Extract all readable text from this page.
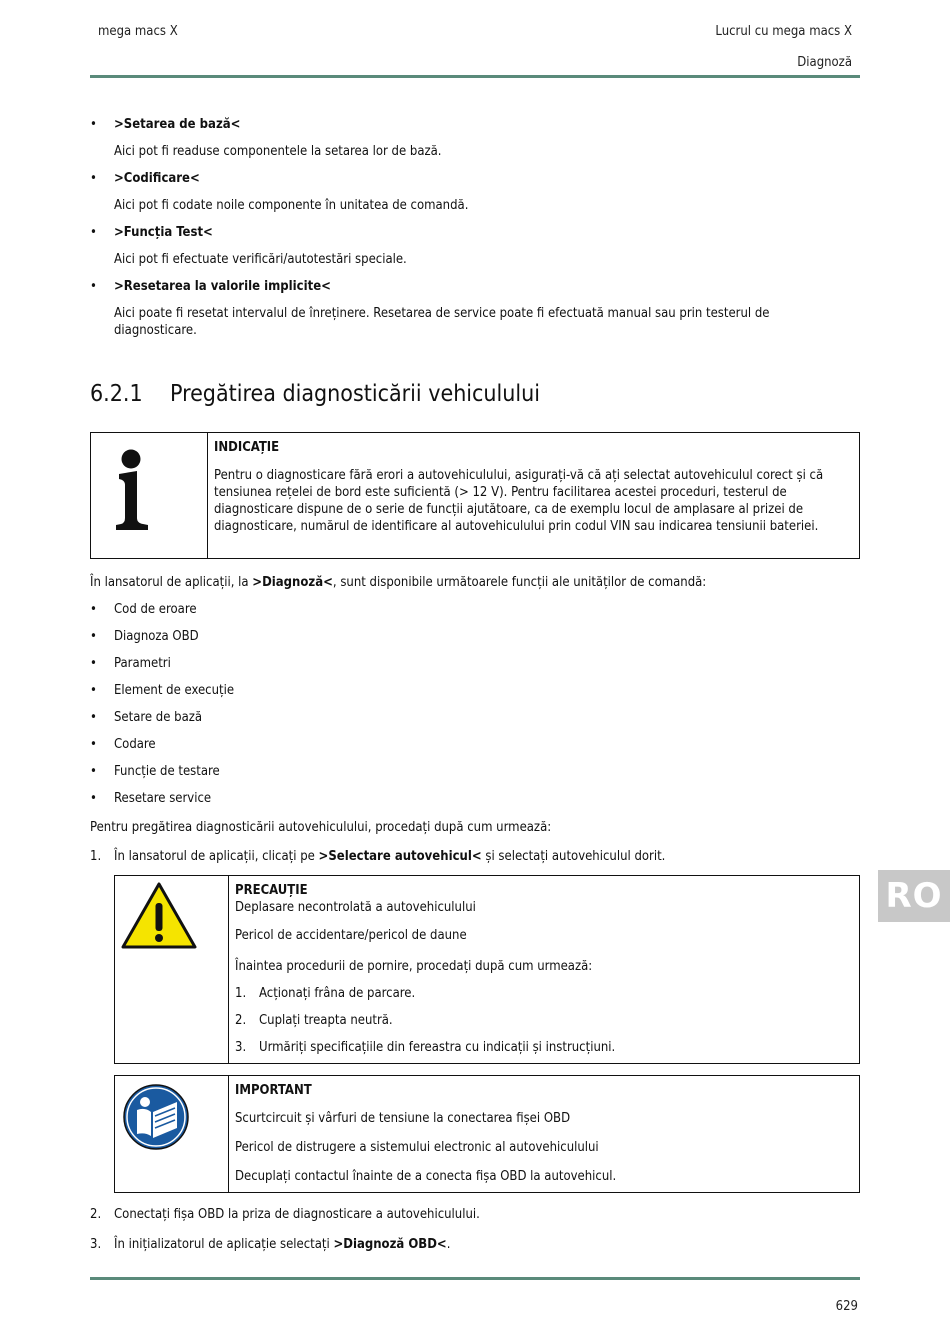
mega macs X	Lucrul cu mega macs X
Diagnoză
•	>Setarea de bază<
Aici pot fi readuse componentele la setarea lor de bază.
•	>Codificare<
Aici pot fi codate noile componente în unitatea de comandă.
•	>Funcția Test<
Aici pot fi efectuate verificări/autotestări speciale.
•	>Resetarea la valorile implicite<
Aici poate fi resetat intervalul de înreținere. Resetarea de service poate fi efectuată manual sau prin testerul de diagnosticare.
6.2.1 Pregătirea diagnosticării vehiculului
INDICAȚIE
Pentru o diagnosticare fără erori a autovehiculului, asigurați-vă că ați selectat autovehiculul corect și că tensiunea rețelei de bord este suficientă (> 12 V). Pentru facilitarea acestei proceduri, testerul de diagnosticare dispune de o serie de funcții ajutătoare, ca de exemplu locul de amplasare al prizei de diagnosticare, numărul de identificare al autovehiculului prin codul VIN sau indicarea tensiunii bateriei.
În lansatorul de aplicații, la >Diagnoză<, sunt disponibile următoarele funcții ale unităților de comandă:
•	Cod de eroare
•	Diagnoza OBD
•	Parametri
•	Element de execuție
•	Setare de bază
•	Codare
•	Funcție de testare
•	Resetare service
Pentru pregătirea diagnosticării autovehiculului, procedați după cum urmează:
1. În lansatorul de aplicații, clicați pe >Selectare autovehicul< și selectați autovehiculul dorit.
PRECAUȚIE
Deplasare necontrolată a autovehiculului
Pericol de accidentare/pericol de daune
Înaintea procedurii de pornire, procedați după cum urmează:
1. Acționați frâna de parcare.
2. Cuplați treapta neutră.
3. Urmăriți specificațiile din fereastra cu indicații și instrucțiuni.
IMPORTANT
Scurtcircuit și vârfuri de tensiune la conectarea fișei OBD
Pericol de distrugere a sistemului electronic al autovehiculului
Decuplați contactul înainte de a conecta fișa OBD la autovehicul.
2. Conectați fișa OBD la priza de diagnosticare a autovehiculului.
3. În inițializatorul de aplicație selectați >Diagnoză OBD<.
RO
629
